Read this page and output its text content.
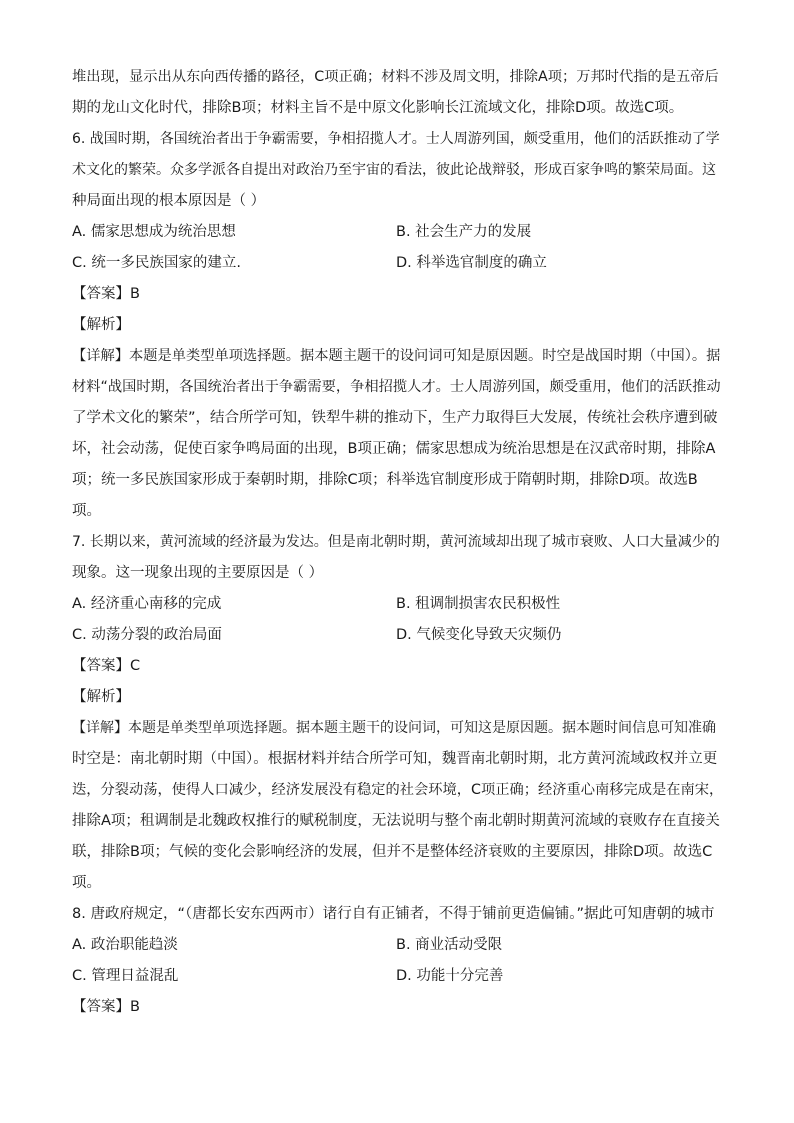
堆出现，显示出从东向西传播的路径，C项正确；材料不涉及周文明，排除A项；万邦时代指的是五帝后
期的龙山文化时代，排除B项；材料主旨不是中原文化影响长江流域文化，排除D项。故选C项。
6. 战国时期，各国统治者出于争霸需要，争相招揽人才。士人周游列国，颇受重用，他们的活跃推动了学
术文化的繁荣。众多学派各自提出对政治乃至宇宙的看法，彼此论战辩驳，形成百家争鸣的繁荣局面。这
种局面出现的根本原因是（ ）
A. 儒家思想成为统治思想	B. 社会生产力的发展
C. 统一多民族国家的建立.	D. 科举选官制度的确立
【答案】B
【解析】
【详解】本题是单类型单项选择题。据本题主题干的设问词可知是原因题。时空是战国时期（中国）。据
材料“战国时期，各国统治者出于争霸需要，争相招揽人才。士人周游列国，颇受重用，他们的活跃推动
了学术文化的繁荣”，结合所学可知，铁犁牛耕的推动下，生产力取得巨大发展，传统社会秩序遭到破
坏，社会动荡，促使百家争鸣局面的出现，B项正确；儒家思想成为统治思想是在汉武帝时期，排除A
项；统一多民族国家形成于秦朝时期，排除C项；科举选官制度形成于隋朝时期，排除D项。故选B
项。
7. 长期以来，黄河流域的经济最为发达。但是南北朝时期，黄河流域却出现了城市衰败、人口大量减少的
现象。这一现象出现的主要原因是（ ）
A. 经济重心南移的完成	B. 租调制损害农民积极性
C. 动荡分裂的政治局面	D. 气候变化导致天灾频仍
【答案】C
【解析】
【详解】本题是单类型单项选择题。据本题主题干的设问词，可知这是原因题。据本题时间信息可知准确
时空是：南北朝时期（中国）。根据材料并结合所学可知，魏晋南北朝时期，北方黄河流域政权并立更
迭，分裂动荡，使得人口减少，经济发展没有稳定的社会环境，C项正确；经济重心南移完成是在南宋，
排除A项；租调制是北魏政权推行的赋税制度，无法说明与整个南北朝时期黄河流域的衰败存在直接关
联，排除B项；气候的变化会影响经济的发展，但并不是整体经济衰败的主要原因，排除D项。故选C
项。
8. 唐政府规定，“（唐都长安东西两市）诸行自有正铺者，不得于铺前更造偏铺。”据此可知唐朝的城市
A. 政治职能趋淡	B. 商业活动受限
C. 管理日益混乱	D. 功能十分完善
【答案】B
